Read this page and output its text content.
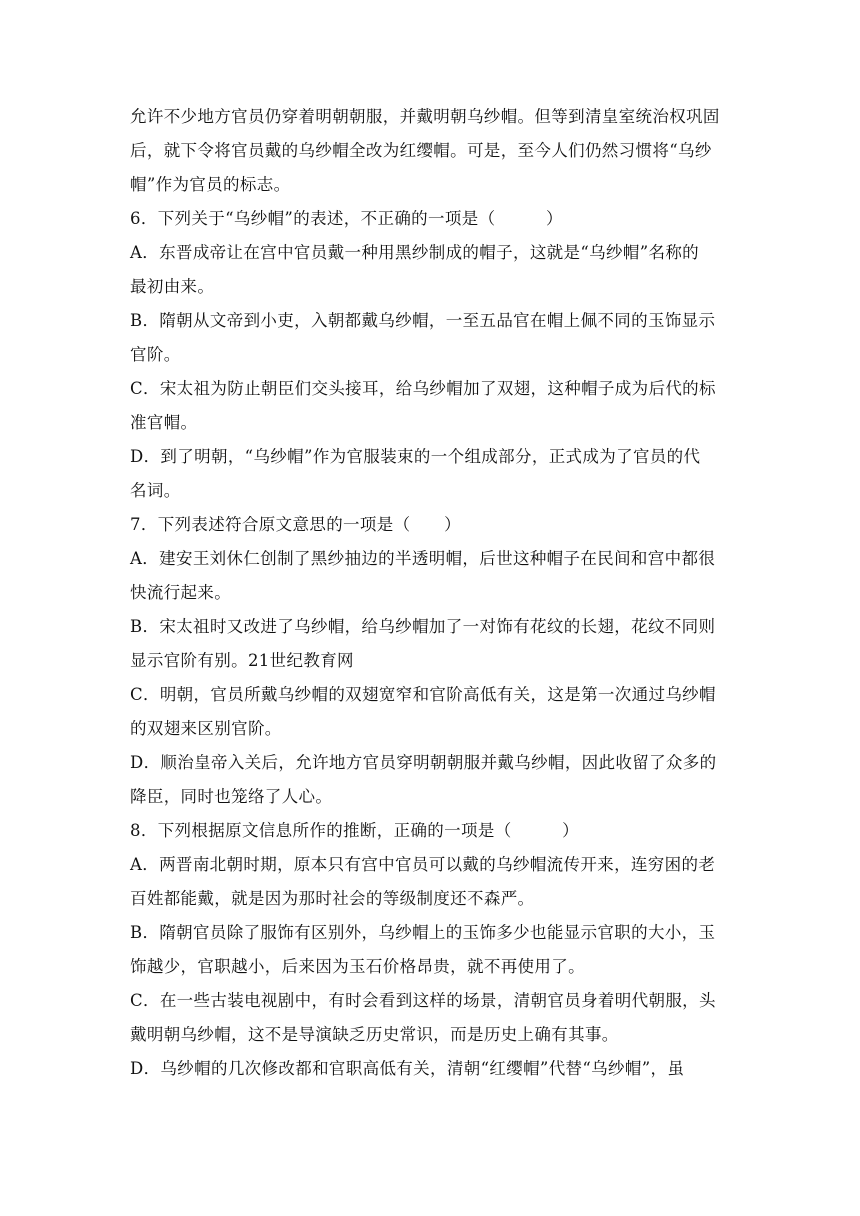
允许不少地方官员仍穿着明朝朝服，并戴明朝乌纱帽。但等到清皇室统治权巩固
后，就下令将官员戴的乌纱帽全改为红缨帽。可是，至今人们仍然习惯将“乌纱
帽”作为官员的标志。
6．下列关于“乌纱帽”的表述，不正确的一项是（　　　）
A．东晋成帝让在宫中官员戴一种用黑纱制成的帽子，这就是“乌纱帽”名称的
最初由来。
B．隋朝从文帝到小吏，入朝都戴乌纱帽，一至五品官在帽上佩不同的玉饰显示
官阶。
C．宋太祖为防止朝臣们交头接耳，给乌纱帽加了双翅，这种帽子成为后代的标
准官帽。
D．到了明朝，“乌纱帽”作为官服装束的一个组成部分，正式成为了官员的代
名词。
7．下列表述符合原文意思的一项是（　　）
A．建安王刘休仁创制了黑纱抽边的半透明帽，后世这种帽子在民间和宫中都很
快流行起来。
B．宋太祖时又改进了乌纱帽，给乌纱帽加了一对饰有花纹的长翅，花纹不同则
显示官阶有别。21世纪教育网
C．明朝，官员所戴乌纱帽的双翅宽窄和官阶高低有关，这是第一次通过乌纱帽
的双翅来区别官阶。
D．顺治皇帝入关后，允许地方官员穿明朝朝服并戴乌纱帽，因此收留了众多的
降臣，同时也笼络了人心。
8．下列根据原文信息所作的推断，正确的一项是（　　　）
A．两晋南北朝时期，原本只有宫中官员可以戴的乌纱帽流传开来，连穷困的老
百姓都能戴，就是因为那时社会的等级制度还不森严。
B．隋朝官员除了服饰有区别外，乌纱帽上的玉饰多少也能显示官职的大小，玉
饰越少，官职越小，后来因为玉石价格昂贵，就不再使用了。
C．在一些古装电视剧中，有时会看到这样的场景，清朝官员身着明代朝服，头
戴明朝乌纱帽，这不是导演缺乏历史常识，而是历史上确有其事。
D．乌纱帽的几次修改都和官职高低有关，清朝“红缨帽”代替“乌纱帽”，虽
